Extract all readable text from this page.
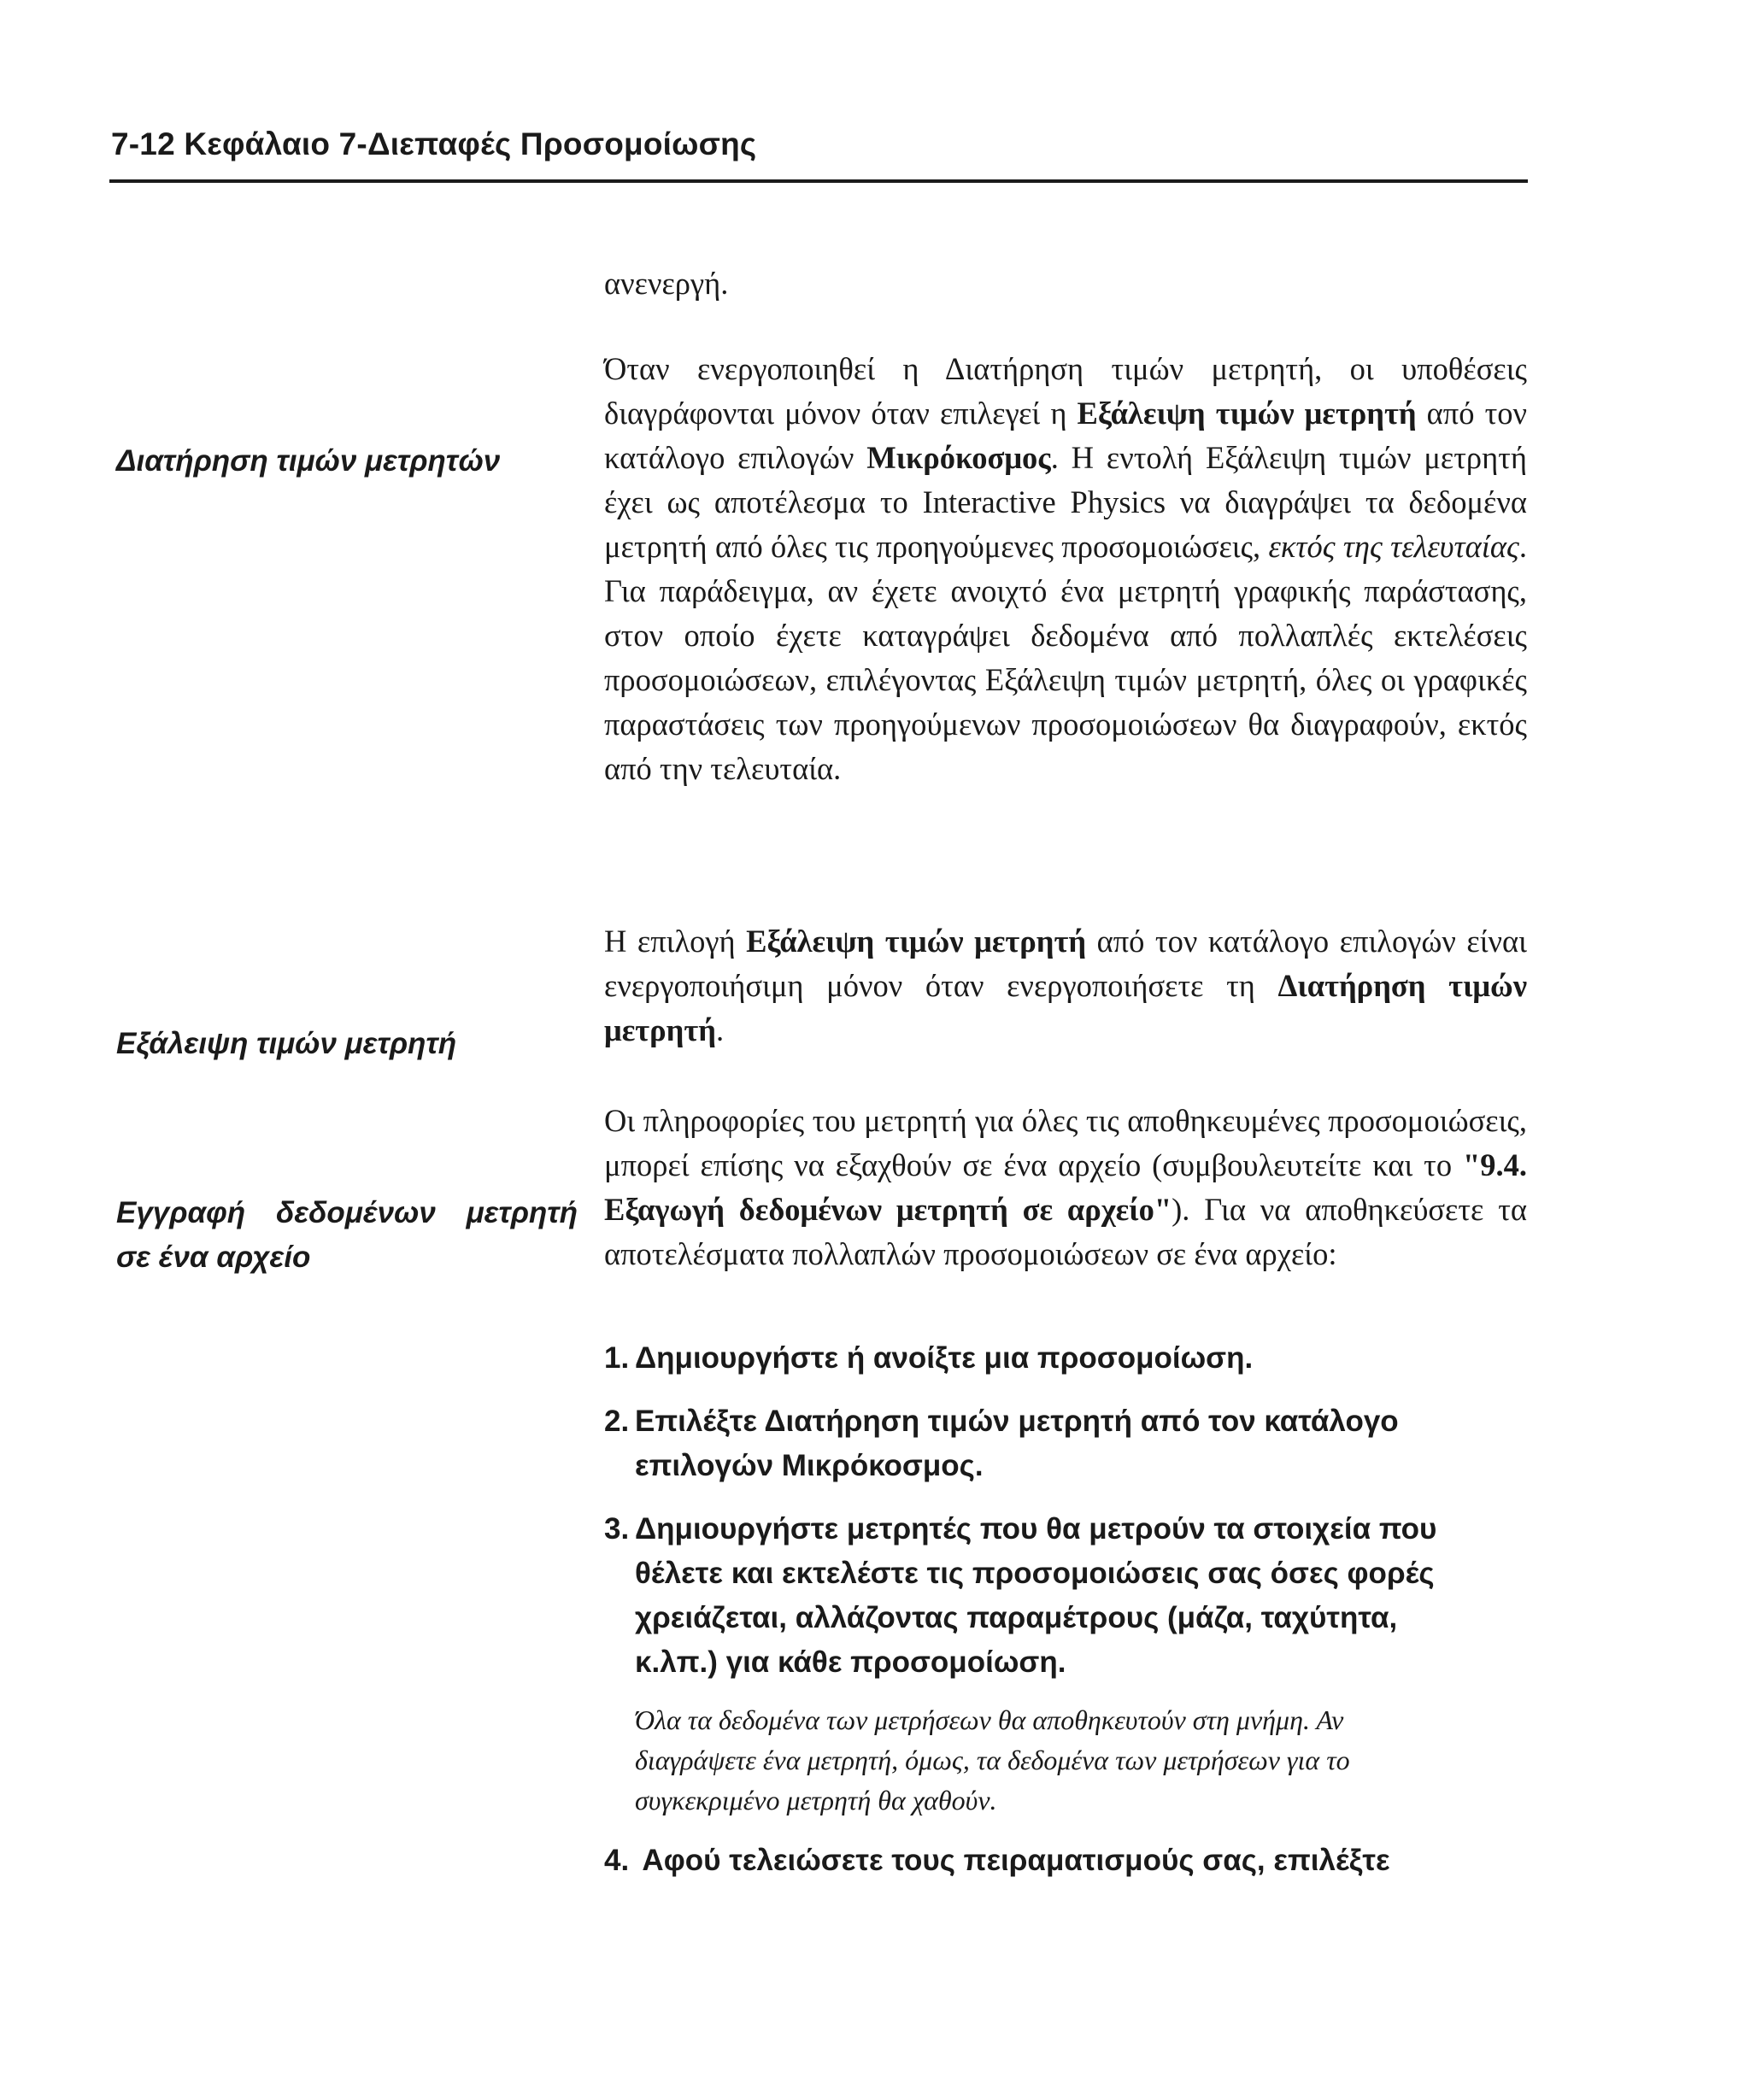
7-12 Κεφάλαιο 7-Διεπαφές Προσομοίωσης
Διατήρηση τιμών μετρητών
Εξάλειψη τιμών μετρητή
Εγγραφή δεδομένων μετρητή
σε ένα αρχείο
ανενεργή.
Όταν ενεργοποιηθεί η Διατήρηση τιμών μετρητή, οι υποθέσεις διαγράφονται μόνον όταν επιλεγεί η Εξάλειψη τιμών μετρητή από τον κατάλογο επιλογών Μικρόκοσμος. Η εντολή Εξάλειψη τιμών μετρητή έχει ως αποτέλεσμα το Interactive Physics να διαγράψει τα δεδομένα μετρητή από όλες τις προηγούμενες προσομοιώσεις, εκτός της τελευταίας. Για παράδειγμα, αν έχετε ανοιχτό ένα μετρητή γραφικής παράστασης, στον οποίο έχετε καταγράψει δεδομένα από πολλαπλές εκτελέσεις προσομοιώσεων, επιλέγοντας Εξάλειψη τιμών μετρητή, όλες οι γραφικές παραστάσεις των προηγούμενων προσομοιώσεων θα διαγραφούν, εκτός από την τελευταία.
Η επιλογή Εξάλειψη τιμών μετρητή από τον κατάλογο επιλογών είναι ενεργοποιήσιμη μόνον όταν ενεργοποιήσετε τη Διατήρηση τιμών μετρητή.
Οι πληροφορίες του μετρητή για όλες τις αποθηκευμένες προσομοιώσεις, μπορεί επίσης να εξαχθούν σε ένα αρχείο (συμβουλευτείτε και το "9.4. Εξαγωγή δεδομένων μετρητή σε αρχείο"). Για να αποθηκεύσετε τα αποτελέσματα πολλαπλών προσομοιώσεων σε ένα αρχείο:
1. Δημιουργήστε ή ανοίξτε μια προσομοίωση.
2. Επιλέξτε Διατήρηση τιμών μετρητή από τον κατάλογο
επιλογών Μικρόκοσμος.
3. Δημιουργήστε μετρητές που θα μετρούν τα στοιχεία που
θέλετε και εκτελέστε τις προσομοιώσεις σας όσες φορές
χρειάζεται, αλλάζοντας παραμέτρους (μάζα, ταχύτητα,
κ.λπ.) για κάθε προσομοίωση.
Όλα τα δεδομένα των μετρήσεων θα αποθηκευτούν στη μνήμη. Αν
διαγράψετε ένα μετρητή, όμως, τα δεδομένα των μετρήσεων για το
συγκεκριμένο μετρητή θα χαθούν.
4. Αφού τελειώσετε τους πειραματισμούς σας, επιλέξτε
